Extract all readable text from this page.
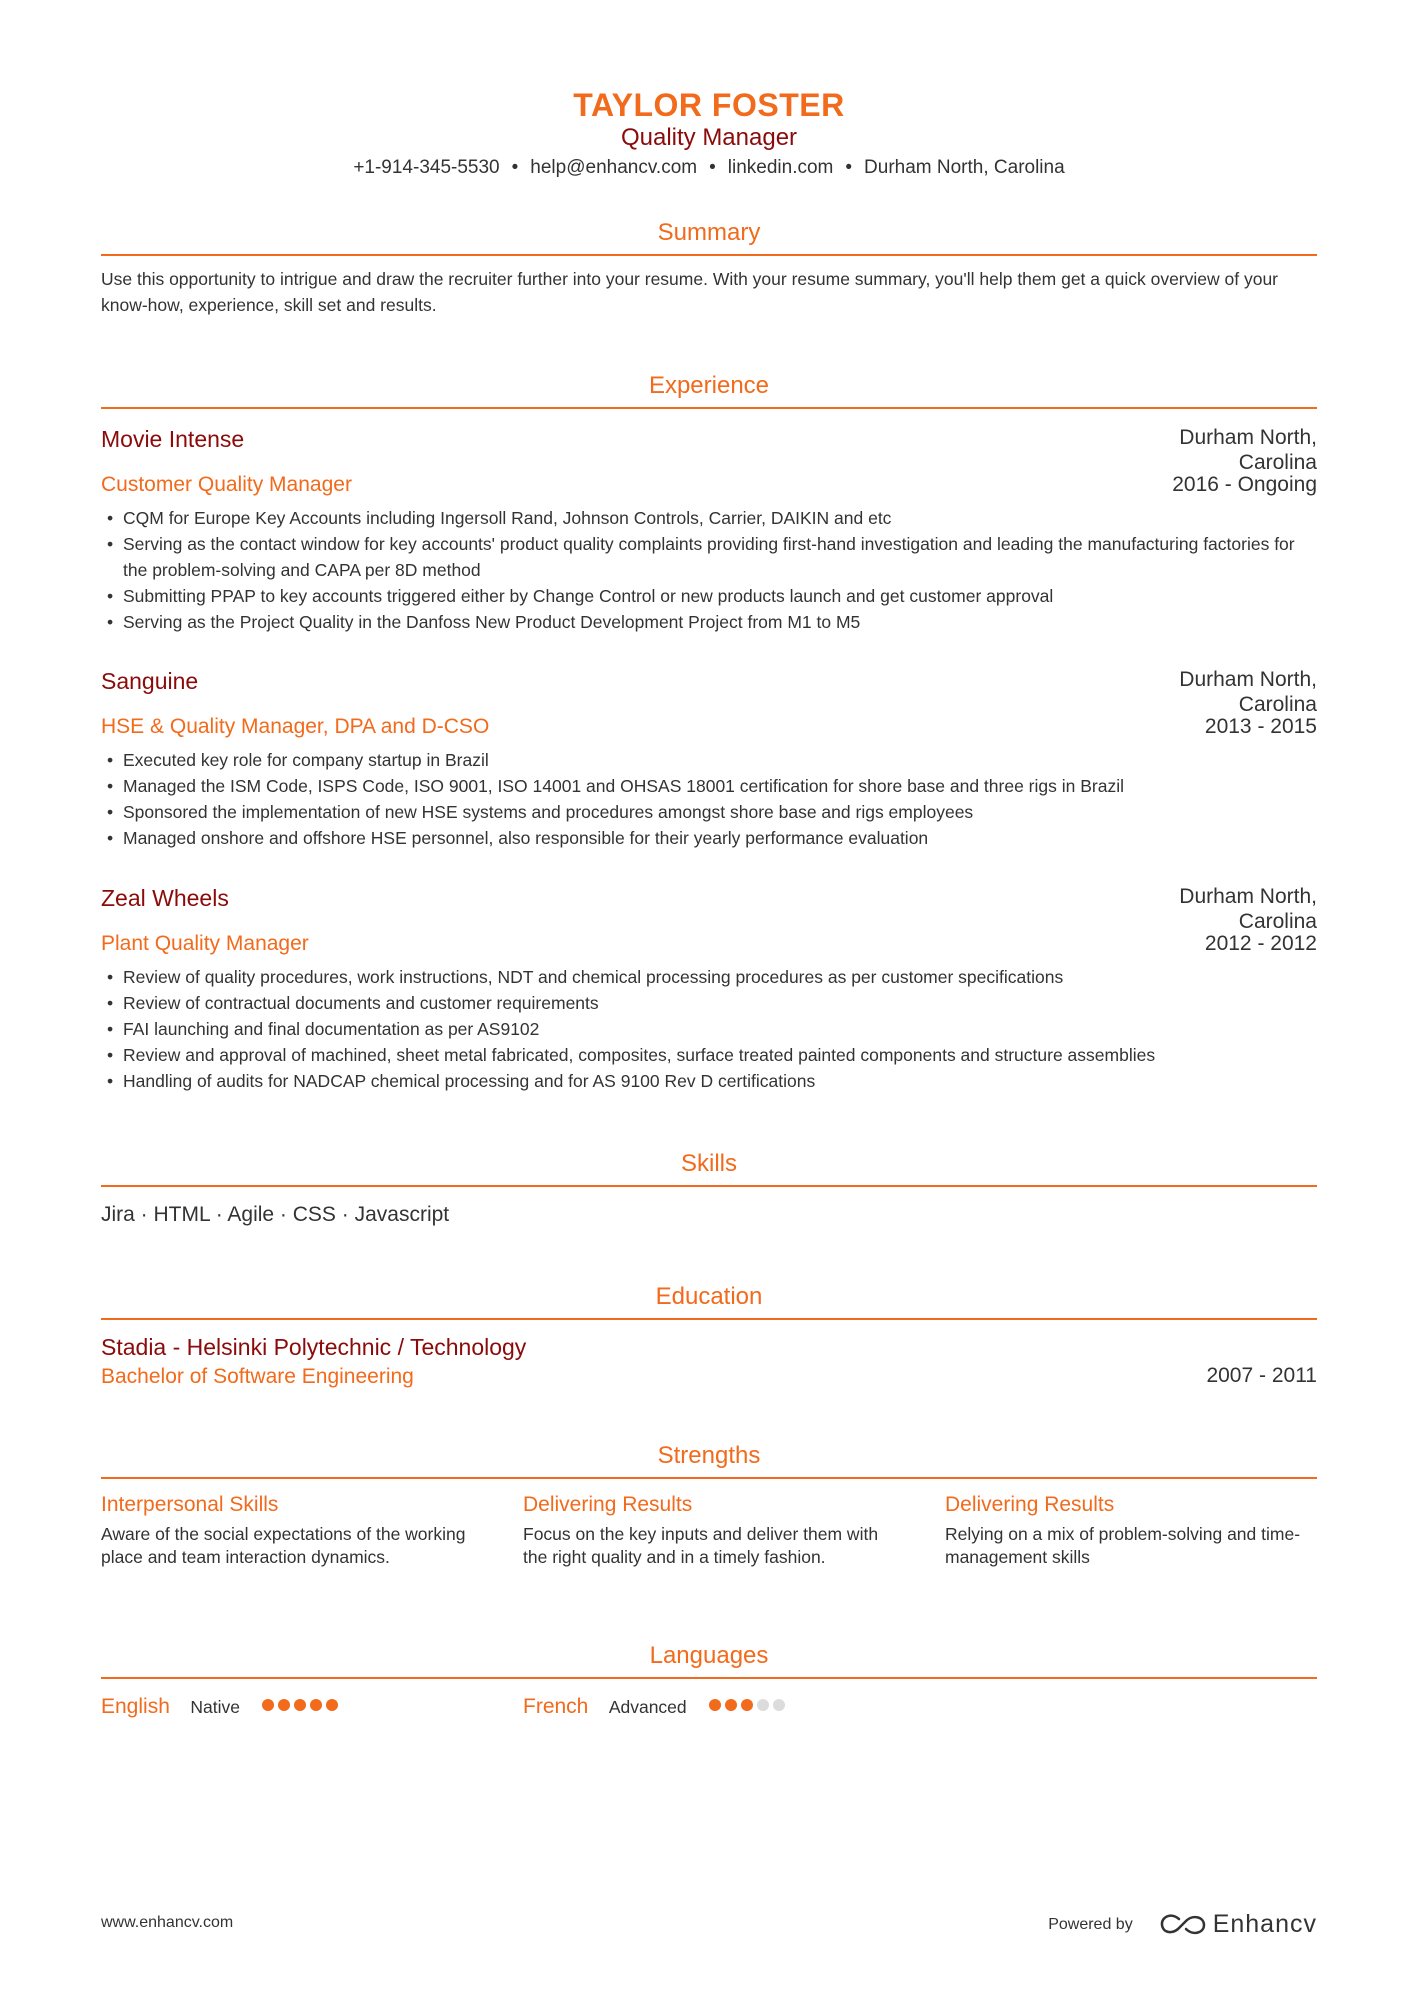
TAYLOR FOSTER
Quality Manager
+1-914-345-5530 • help@enhancv.com • linkedin.com • Durham North, Carolina
Summary
Use this opportunity to intrigue and draw the recruiter further into your resume. With your resume summary, you'll help them get a quick overview of your know-how, experience, skill set and results.
Experience
Movie Intense	Durham North,
Carolina
Customer Quality Manager	2016 - Ongoing
• CQM for Europe Key Accounts including Ingersoll Rand, Johnson Controls, Carrier, DAIKIN and etc
• Serving as the contact window for key accounts' product quality complaints providing first-hand investigation and leading the manufacturing factories for the problem-solving and CAPA per 8D method
• Submitting PPAP to key accounts triggered either by Change Control or new products launch and get customer approval
• Serving as the Project Quality in the Danfoss New Product Development Project from M1 to M5
Sanguine	Durham North,
Carolina
HSE & Quality Manager, DPA and D-CSO	2013 - 2015
• Executed key role for company startup in Brazil
• Managed the ISM Code, ISPS Code, ISO 9001, ISO 14001 and OHSAS 18001 certification for shore base and three rigs in Brazil
• Sponsored the implementation of new HSE systems and procedures amongst shore base and rigs employees
• Managed onshore and offshore HSE personnel, also responsible for their yearly performance evaluation
Zeal Wheels	Durham North,
Carolina
Plant Quality Manager	2012 - 2012
• Review of quality procedures, work instructions, NDT and chemical processing procedures as per customer specifications
• Review of contractual documents and customer requirements
• FAI launching and final documentation as per AS9102
• Review and approval of machined, sheet metal fabricated, composites, surface treated painted components and structure assemblies
• Handling of audits for NADCAP chemical processing and for AS 9100 Rev D certifications
Skills
Jira · HTML · Agile · CSS · Javascript
Education
Stadia - Helsinki Polytechnic / Technology
Bachelor of Software Engineering	2007 - 2011
Strengths
Interpersonal Skills
Aware of the social expectations of the working place and team interaction dynamics.
Delivering Results
Focus on the key inputs and deliver them with the right quality and in a timely fashion.
Delivering Results
Relying on a mix of problem-solving and time-management skills
Languages
English Native	French Advanced
www.enhancv.com	Powered by	Enhancv
